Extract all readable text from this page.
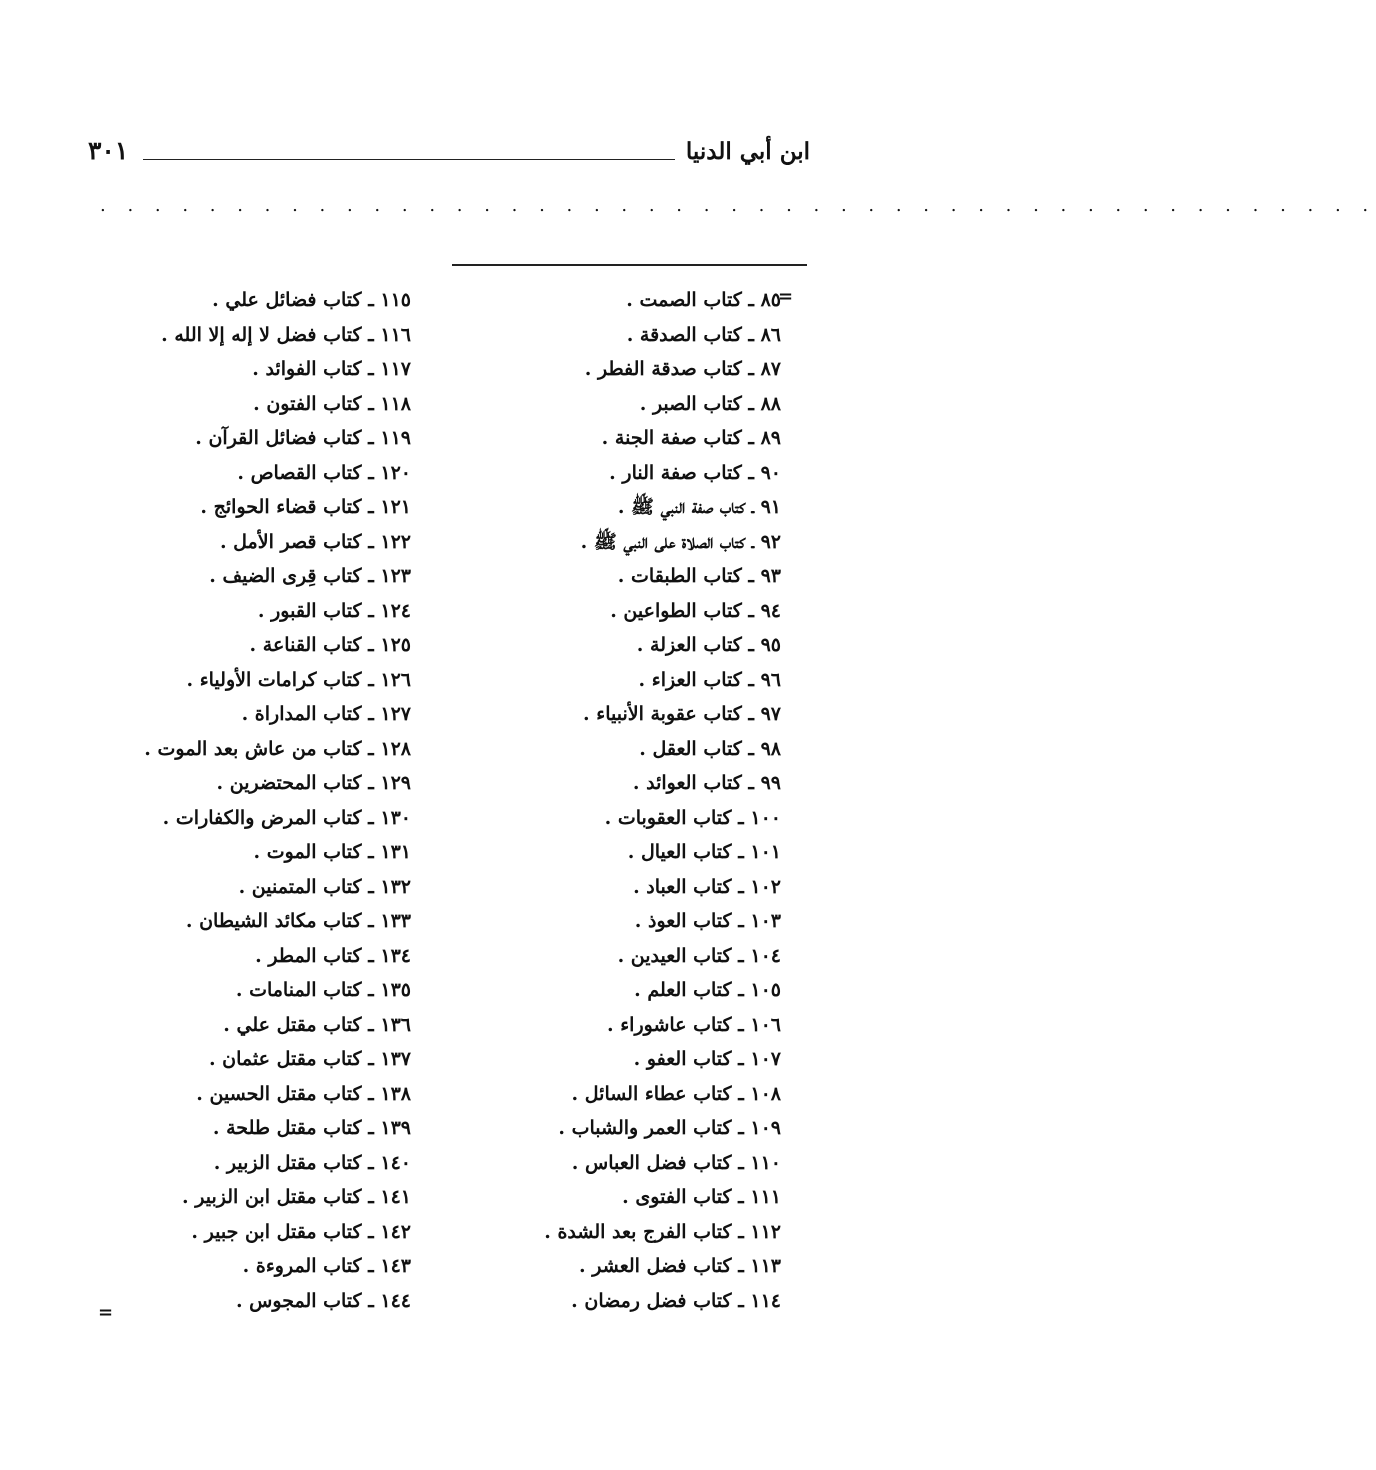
ابن أبي الدنيا
٣٠١
. . . . . . . . . . . . . . . . . . . . . . . . . . . . . . . . . . . . . . . . . . . . . . .
=
=
٨٥ ـ كتاب الصمت .
٨٦ ـ كتاب الصدقة .
٨٧ ـ كتاب صدقة الفطر .
٨٨ ـ كتاب الصبر .
٨٩ ـ كتاب صفة الجنة .
٩٠ ـ كتاب صفة النار .
٩١ ـ كتاب صفة النبي ﷺ .
٩٢ ـ كتاب الصلاة على النبي ﷺ .
٩٣ ـ كتاب الطبقات .
٩٤ ـ كتاب الطواعين .
٩٥ ـ كتاب العزلة .
٩٦ ـ كتاب العزاء .
٩٧ ـ كتاب عقوبة الأنبياء .
٩٨ ـ كتاب العقل .
٩٩ ـ كتاب العوائد .
١٠٠ ـ كتاب العقوبات .
١٠١ ـ كتاب العيال .
١٠٢ ـ كتاب العباد .
١٠٣ ـ كتاب العوذ .
١٠٤ ـ كتاب العيدين .
١٠٥ ـ كتاب العلم .
١٠٦ ـ كتاب عاشوراء .
١٠٧ ـ كتاب العفو .
١٠٨ ـ كتاب عطاء السائل .
١٠٩ ـ كتاب العمر والشباب .
١١٠ ـ كتاب فضل العباس .
١١١ ـ كتاب الفتوى .
١١٢ ـ كتاب الفرج بعد الشدة .
١١٣ ـ كتاب فضل العشر .
١١٤ ـ كتاب فضل رمضان .
١١٥ ـ كتاب فضائل علي .
١١٦ ـ كتاب فضل لا إله إلا الله .
١١٧ ـ كتاب الفوائد .
١١٨ ـ كتاب الفتون .
١١٩ ـ كتاب فضائل القرآن .
١٢٠ ـ كتاب القصاص .
١٢١ ـ كتاب قضاء الحوائج .
١٢٢ ـ كتاب قصر الأمل .
١٢٣ ـ كتاب قِرى الضيف .
١٢٤ ـ كتاب القبور .
١٢٥ ـ كتاب القناعة .
١٢٦ ـ كتاب كرامات الأولياء .
١٢٧ ـ كتاب المداراة .
١٢٨ ـ كتاب من عاش بعد الموت .
١٢٩ ـ كتاب المحتضرين .
١٣٠ ـ كتاب المرض والكفارات .
١٣١ ـ كتاب الموت .
١٣٢ ـ كتاب المتمنين .
١٣٣ ـ كتاب مكائد الشيطان .
١٣٤ ـ كتاب المطر .
١٣٥ ـ كتاب المنامات .
١٣٦ ـ كتاب مقتل علي .
١٣٧ ـ كتاب مقتل عثمان .
١٣٨ ـ كتاب مقتل الحسين .
١٣٩ ـ كتاب مقتل طلحة .
١٤٠ ـ كتاب مقتل الزبير .
١٤١ ـ كتاب مقتل ابن الزبير .
١٤٢ ـ كتاب مقتل ابن جبير .
١٤٣ ـ كتاب المروءة .
١٤٤ ـ كتاب المجوس .
